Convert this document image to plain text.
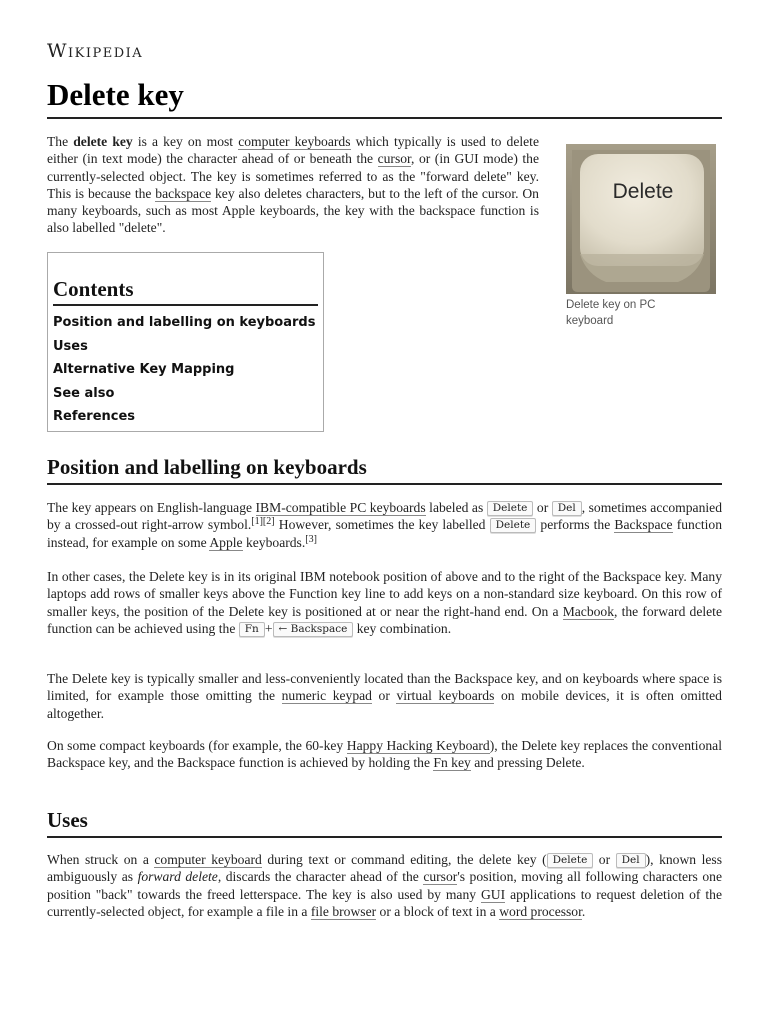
Wikipedia
Delete key

The delete key is a key on most computer keyboards which typically is used to delete either (in text mode) the character ahead of or beneath the cursor, or (in GUI mode) the currently-selected object. The key is sometimes referred to as the "forward delete" key. This is because the backspace key also deletes characters, but to the left of the cursor. On many keyboards, such as most Apple keyboards, the key with the backspace function is also labelled "delete".

Delete
Delete key on PC keyboard
Contents
Position and labelling on keyboards
Uses
Alternative Key Mapping
See also
References
Position and labelling on keyboards

The key appears on English-language IBM-compatible PC keyboards labeled as Delete or Del , sometimes accompanied by a crossed-out right-arrow symbol.[1][2] However, sometimes the key labelled Delete performs the Backspace function instead, for example on some Apple keyboards.[3]

In other cases, the Delete key is in its original IBM notebook position of above and to the right of the Backspace key. Many laptops add rows of smaller keys above the Function key line to add keys on a non-standard size keyboard. On this row of smaller keys, the position of the Delete key is positioned at or near the right-hand end. On a Macbook, the forward delete function can be achieved using the Fn + ← Backspace key combination.

The Delete key is typically smaller and less-conveniently located than the Backspace key, and on keyboards where space is limited, for example those omitting the numeric keypad or virtual keyboards on mobile devices, it is often omitted altogether.

On some compact keyboards (for example, the 60-key Happy Hacking Keyboard), the Delete key replaces the conventional Backspace key, and the Backspace function is achieved by holding the Fn key and pressing Delete.

Uses

When struck on a computer keyboard during text or command editing, the delete key ( Delete or Del ), known less ambiguously as forward delete, discards the character ahead of the cursor's position, moving all following characters one position "back" towards the freed letterspace. The key is also used by many GUI applications to request deletion of the currently-selected object, for example a file in a file browser or a block of text in a word processor.
